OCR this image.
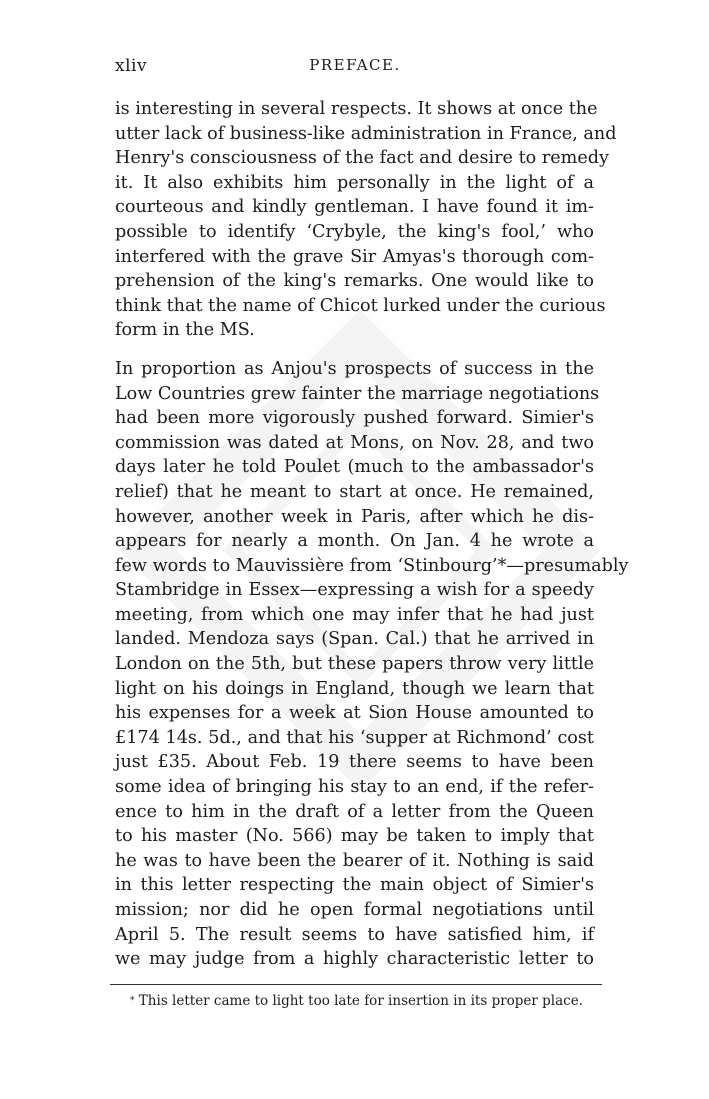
xliv	PREFACE.

is interesting in several respects. It shows at once the
utter lack of business-like administration in France, and
Henry's consciousness of the fact and desire to remedy
it. It also exhibits him personally in the light of a
courteous and kindly gentleman. I have found it im-
possible to identify ‘Crybyle, the king's fool,’ who
interfered with the grave Sir Amyas's thorough com-
prehension of the king's remarks. One would like to
think that the name of Chicot lurked under the curious
form in the MS.

In proportion as Anjou's prospects of success in the
Low Countries grew fainter the marriage negotiations
had been more vigorously pushed forward. Simier's
commission was dated at Mons, on Nov. 28, and two
days later he told Poulet (much to the ambassador's
relief) that he meant to start at once. He remained,
however, another week in Paris, after which he dis-
appears for nearly a month. On Jan. 4 he wrote a
few words to Mauvissière from ‘Stinbourg’*—presumably
Stambridge in Essex—expressing a wish for a speedy
meeting, from which one may infer that he had just
landed. Mendoza says (Span. Cal.) that he arrived in
London on the 5th, but these papers throw very little
light on his doings in England, though we learn that
his expenses for a week at Sion House amounted to
£174 14s. 5d., and that his ‘supper at Richmond’ cost
just £35. About Feb. 19 there seems to have been
some idea of bringing his stay to an end, if the refer-
ence to him in the draft of a letter from the Queen
to his master (No. 566) may be taken to imply that
he was to have been the bearer of it. Nothing is said
in this letter respecting the main object of Simier's
mission; nor did he open formal negotiations until
April 5. The result seems to have satisfied him, if
we may judge from a highly characteristic letter to

* This letter came to light too late for insertion in its proper place.
